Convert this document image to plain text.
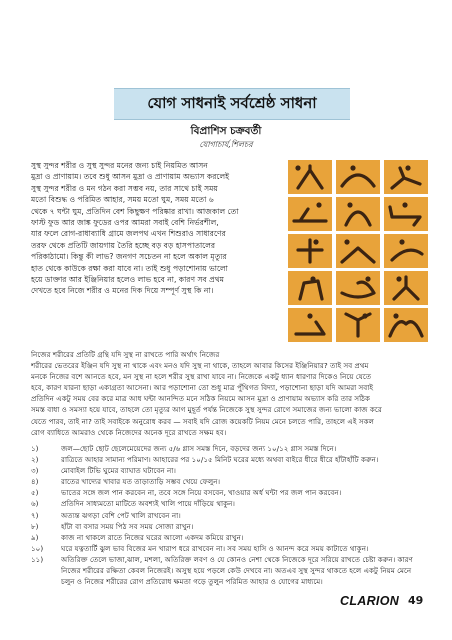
যোগ সাধনাই সর্বশ্রেষ্ঠ সাধনা
বিপ্রাশিস চক্রবর্তী
যোগাচার্য,শিলচর

সুস্থ সুন্দর শরীর ও সুস্থ সুন্দর মনের জন্য চাই নিয়মিত আসন

মুদ্রা ও প্রাণায়াম। তবে শুধু আসন মুদ্রা ও প্রাণায়াম অভ্যাস করলেই

সুস্থ সুন্দর শরীর ও মন গঠন করা সম্ভব নয়, তার সাথে চাই সময়

মতো বিশুদ্ধ ও পরিমিত আহার, সময় মতো ঘুম, সময় মতো ৬

থেকে ৭ ঘন্টা ঘুম, প্রতিদিন বেশ কিছুক্ষণ পরিষ্কার রাখা। আজকাল তো

ফাস্ট ফুড আর জাঙ্ক ফুডের ওপর আমরা সবাই বেশি নির্ভরশীল,

যার ফলে রোগ-রাধাব্যাধি গ্রামে জলপথ এখন শিশুরাও সাধারণের

তরফ থেকে প্রতিটি জায়গায় তৈরি হচ্ছে বড় বড় হাসপাতালের

পরিকাঠামো। কিন্তু কী লাভ? জনগণ সচেতন না হলে অকাল মৃত্যুর

হাত থেকে কাউকে রক্ষা করা যাবে না। তাই শুধু পড়াশোনায় ভালো

হয়ে ডাক্তার আর ইঞ্জিনিয়ার হলেও লাভ হবে না, কারণ সব প্রথম

দেখতে হবে নিজে শরীর ও মনের দিক দিয়ে সম্পূর্ণ সুস্থ কি না।

নিজের শরীরের প্রতিটি গ্রন্থি যদি সুস্থ না রাখতে পারি অর্থাৎ নিজের

শরীরের ভেতরের ইঞ্জিন যদি সুস্থ না থাকে এবং মনও যদি সুস্থ না থাকে, তাহলে আবার কিসের ইঞ্জিনিয়ার? তাই সব প্রথম

মনকে নিজের বশে আনতে হবে, মন সুস্থ না হলে শরীর সুস্থ রাখা যাবে না। নিজেকে একটু ধ্যান ধারণার দিকেও নিয়ে যেতে

হবে, কারণ যারনা ছাড়া একাগ্রতা আসেনা। আর পড়াশোনা তো শুধু মাত্র পুঁথিগত বিদ্যা, পড়াশোনা ছাড়া যদি আমরা সবাই

প্রতিদিন একটু সময় বের করে মাত্র আধ ঘন্টা আনন্দিত মনে সঠিক নিয়মে আসন মুদ্রা ও প্রাণায়াম অভ্যাস করি তার সঠিক

সমস্ত বাধা ও সমস্যা হয়ে যাবে, তাহলে তো মৃত্যুর আগ মুহূর্ত পর্যন্ত নিজেকে সুস্থ সুন্দর রোগে সমাজের জন্য ভালো কাজ করে

যেতে পারব, তাই না? তাই সবাইকে অনুরোধ করব — সবাই যদি রোজ কয়েকটি নিয়ম মেনে চলতে পারি, তাহলে এই সকল

রোগ ব্যাধিতে আমরাও থেকে নিজেদের অনেক দূরে রাখতে সক্ষম হব।

১)	জল—ছোট ছোট ছেলেমেয়েদের জন্য ৫/৬ গ্লাস সমস্ত দিনে, বড়দের জন্য ১০/১২ গ্লাস সমস্ত দিনে।
২)	রাত্রিতে আহার সামান্য পরিমাণ। আহারের পর ১০/১৫ মিনিট ঘরের মধ্যে অথবা বাইরে ধীরে ধীরে হাঁটাহাঁটি করুন।
৩)	মোবাইল টিভি ঘুমের ব্যাঘাত ঘটাবেন না।
৪)	রাতের খাদ্যের খাবার যত তাড়াতাড়ি সম্ভব খেয়ে ফেলুন।
৫)	ভাতের সঙ্গে জল পান করবেন না, তবে সঙ্গে নিয়ে বসবেন, খাওয়ার অর্ধ ঘন্টা পর জল পান করবেন।
৬)	প্রতিদিন সাধ্যমতো মাটিতে অবশ্যই খালি পায়ে দাঁড়িয়ে থাকুন।
৭)	অত্যন্ত ঝগড়া বেশি পেট খালি রাখবেন না।
৮)	হাঁটা বা বসার সময় পিঠ সব সময় সোজা রাখুন।
৯)	কাজ না থাকলে রাতে নিজের ঘরের আলো একদম কমিয়ে রাখুন।
১০)	ঘরে যত্নতার্টি ঝুল ভাব বিজের মন খারাপ ধরে রাখবেন না। সব সময় হাসি ও আনন্দ করে সময় কাটাতে থাকুন।
১১)	অতিরিক্ত তেলে ভাজা,ঝাল, মশলা, অতিরিক্ত লবণ ও যে কোনও নেশা থেকে নিজেকে দূরে সরিয়ে রাখতে চেষ্টা করুন। কারণ নিজের শরীরের রক্ষিতা কেবল নিজেরই। অসুস্থ হয়ে পড়লে কেউ দেখবে না। অতএব সুস্থ সুন্দর থাকতে হলে একটু নিয়ম মেনে চলুন ও নিজের শরীরের রোগ প্রতিরোধ ক্ষমতা গড়ে তুলুন পরিমিত আহার ও যোগের মাধ্যমে।
CLARION 49
